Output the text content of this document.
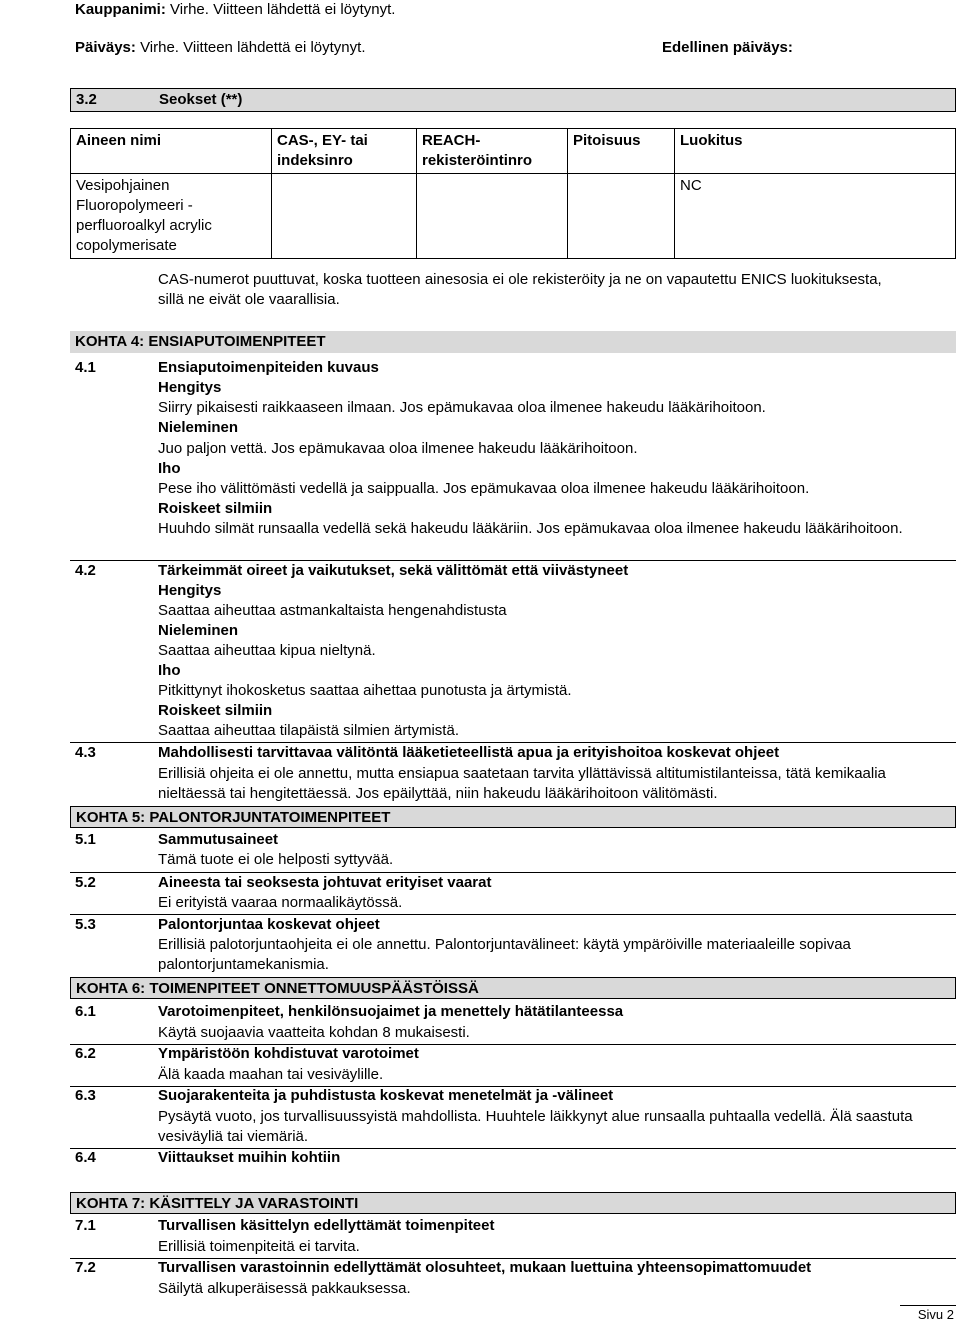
Kauppanimi: Virhe. Viitteen lähdettä ei löytynyt.
Päiväys: Virhe. Viitteen lähdettä ei löytynyt.	Edellinen päiväys:
3.2	Seokset (**)
Aineen nimi	CAS-, EY- tai indeksinro	REACH-rekisteröintinro	Pitoisuus	Luokitus
Vesipohjainen Fluoropolymeeri - perfluoroalkyl acrylic copolymerisate				NC
CAS-numerot puuttuvat, koska tuotteen ainesosia ei ole rekisteröity ja ne on vapautettu ENICS luokituksesta, sillä ne eivät ole vaarallisia.
KOHTA 4: ENSIAPUTOIMENPITEET
4.1	Ensiaputoimenpiteiden kuvaus
Hengitys
Siirry pikaisesti raikkaaseen ilmaan. Jos epämukavaa oloa ilmenee hakeudu lääkärihoitoon.
Nieleminen
Juo paljon vettä. Jos epämukavaa oloa ilmenee hakeudu lääkärihoitoon.
Iho
Pese iho välittömästi vedellä ja saippualla. Jos epämukavaa oloa ilmenee hakeudu lääkärihoitoon.
Roiskeet silmiin
Huuhdo silmät runsaalla vedellä sekä hakeudu lääkäriin. Jos epämukavaa oloa ilmenee hakeudu lääkärihoitoon.
4.2	Tärkeimmät oireet ja vaikutukset, sekä välittömät että viivästyneet
Hengitys
Saattaa aiheuttaa astmankaltaista hengenahdistusta
Nieleminen
Saattaa aiheuttaa kipua nieltynä.
Iho
Pitkittynyt ihokosketus saattaa aihettaa punotusta ja ärtymistä.
Roiskeet silmiin
Saattaa aiheuttaa tilapäistä silmien ärtymistä.
4.3	Mahdollisesti tarvittavaa välitöntä lääketieteellistä apua ja erityishoitoa koskevat ohjeet
Erillisiä ohjeita ei ole annettu, mutta ensiapua saatetaan tarvita yllättävissä altitumistilanteissa, tätä kemikaalia nieltäessä tai hengitettäessä. Jos epäilyttää, niin hakeudu lääkärihoitoon välitömästi.
KOHTA 5: PALONTORJUNTATOIMENPITEET
5.1	Sammutusaineet
Tämä tuote ei ole helposti syttyvää.
5.2	Aineesta tai seoksesta johtuvat erityiset vaarat
Ei erityistä vaaraa normaalikäytössä.
5.3	Palontorjuntaa koskevat ohjeet
Erillisiä palotorjuntaohjeita ei ole annettu. Palontorjuntavälineet: käytä ympäröiville materiaaleille sopivaa palontorjuntamekanismia.
KOHTA 6: TOIMENPITEET ONNETTOMUUSPÄÄSTÖISSÄ
6.1	Varotoimenpiteet, henkilönsuojaimet ja menettely hätätilanteessa
Käytä suojaavia vaatteita kohdan 8 mukaisesti.
6.2	Ympäristöön kohdistuvat varotoimet
Älä kaada maahan tai vesiväylille.
6.3	Suojarakenteita ja puhdistusta koskevat menetelmät ja -välineet
Pysäytä vuoto, jos turvallisuussyistä mahdollista. Huuhtele läikkynyt alue runsaalla puhtaalla vedellä. Älä saastuta vesiväyliä tai viemäriä.
6.4	Viittaukset muihin kohtiin
KOHTA 7: KÄSITTELY JA VARASTOINTI
7.1	Turvallisen käsittelyn edellyttämät toimenpiteet
Erillisiä toimenpiteitä ei tarvita.
7.2	Turvallisen varastoinnin edellyttämät olosuhteet, mukaan luettuina yhteensopimattomuudet
Säilytä alkuperäisessä pakkauksessa.
Sivu 2
